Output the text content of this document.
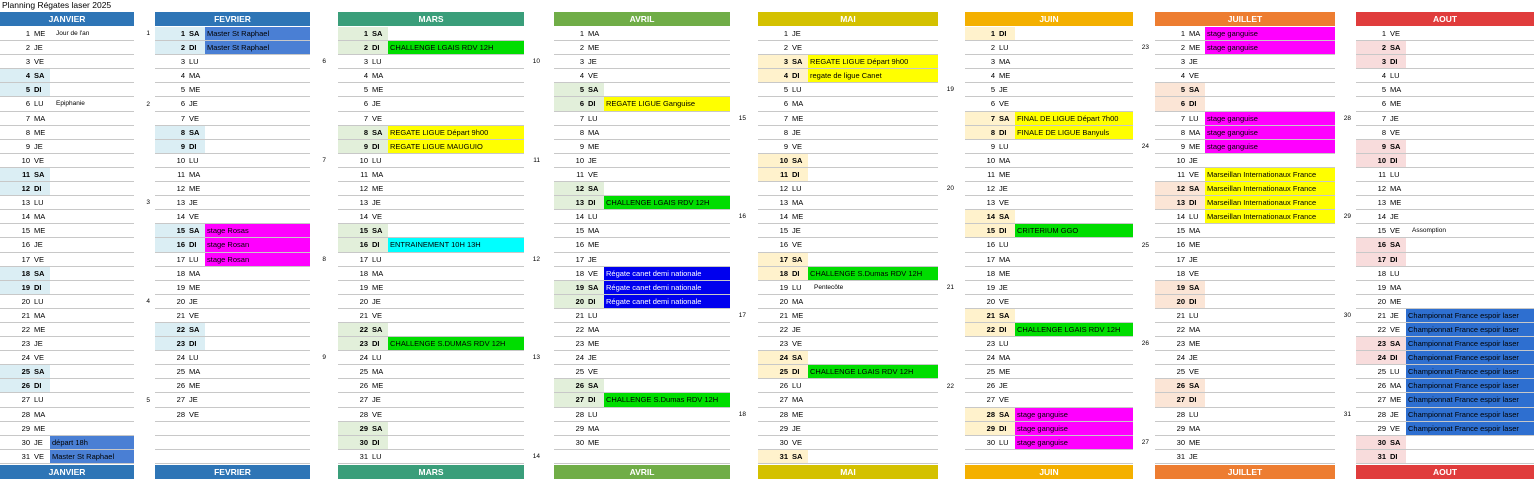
Planning Régates laser 2025
JANVIER
1 ME Jour de l'an
2 JE
3 VE
4 SA
5 DI
6 LU Epiphanie
7 MA
8 ME
9 JE
10 VE
11 SA
12 DI
13 LU
14 MA
15 ME
16 JE
17 VE
18 SA
19 DI
20 LU
21 MA
22 ME
23 JE
24 VE
25 SA
26 DI
27 LU
28 MA
29 ME
30 JE départ 18h
31 VE Master St Raphael
JANVIER
FEVRIER
1 SA Master St Raphael
2 DI Master St Raphael
3 LU
4 MA
5 ME
6 JE
7 VE
8 SA
9 DI
10 LU
11 MA
12 ME
13 JE
14 VE
15 SA stage Rosas
16 DI stage Rosan
17 LU stage Rosan
18 MA
19 ME
20 JE
21 VE
22 SA
23 DI
24 LU
25 MA
26 ME
27 JE
28 VE
FEVRIER
MARS
1 SA
2 DI CHALLENGE LGAIS RDV 12H
3 LU
4 MA
5 ME
6 JE
7 VE
8 SA REGATE LIGUE Départ 9h00
9 DI REGATE LIGUE MAUGUIO
10 LU
11 MA
12 ME
13 JE
14 VE
15 SA
16 DI ENTRAINEMENT 10H 13H
17 LU
18 MA
19 ME
20 JE
21 VE
22 SA
23 DI CHALLENGE S.DUMAS RDV 12H
24 LU
25 MA
26 ME
27 JE
28 VE
29 SA
30 DI
31 LU
MARS
AVRIL
1 MA
2 ME
3 JE
4 VE
5 SA
6 DI REGATE LIGUE Ganguise
7 LU
8 MA
9 ME
10 JE
11 VE
12 SA
13 DI CHALLENGE LGAIS RDV 12H
14 LU
15 MA
16 ME
17 JE
18 VE Régate canet demi nationale
19 SA Régate canet demi nationale
20 DI Régate canet demi nationale
21 LU
22 MA
23 ME
24 JE
25 VE
26 SA
27 DI CHALLENGE S.Dumas RDV 12H
28 LU
29 MA
30 ME
AVRIL
MAI
1 JE
2 VE
3 SA REGATE LIGUE Départ 9h00
4 DI regate de ligue Canet
5 LU
6 MA
7 ME
8 JE
9 VE
10 SA
11 DI
12 LU
13 MA
14 ME
15 JE
16 VE
17 SA
18 DI CHALLENGE S.Dumas RDV 12H
19 LU Pentecôte
20 MA
21 ME
22 JE
23 VE
24 SA
25 DI CHALLENGE LGAIS RDV 12H
26 LU
27 MA
28 ME
29 JE
30 VE
31 SA
MAI
JUIN
1 DI
2 LU
3 MA
4 ME
5 JE
6 VE
7 SA FINAL DE LIGUE Départ 7h00
8 DI FINALE DE LIGUE Banyuls
9 LU
10 MA
11 ME
12 JE
13 VE
14 SA
15 DI CRITERIUM GGO
16 LU
17 MA
18 ME
19 JE
20 VE
21 SA
22 DI CHALLENGE LGAIS RDV 12H
23 LU
24 MA
25 ME
26 JE
27 VE
28 SA stage ganguise
29 DI stage ganguise
30 LU stage ganguise
JUIN
JUILLET
1 MA stage ganguise
2 ME stage ganguise
3 JE
4 VE
5 SA
6 DI
7 LU stage ganguise
8 MA stage ganguise
9 ME stage ganguise
10 JE
11 VE Marseillan Internationaux France
12 SA Marseillan Internationaux France
13 DI Marseillan Internationaux France
14 LU Marseillan Internationaux France
15 MA
16 ME
17 JE
18 VE
19 SA
20 DI
21 LU
22 MA
23 ME
24 JE
25 VE
26 SA
27 DI
28 LU
29 MA
30 ME
31 JE
JUILLET
AOUT
1 VE
2 SA
3 DI
4 LU
5 MA
6 ME
7 JE
8 VE
9 SA
10 DI
11 LU
12 MA
13 ME
14 JE
15 VE Assomption
16 SA
17 DI
18 LU
19 MA
20 ME
21 JE Championnat France espoir laser
22 VE Championnat France espoir laser
23 SA Championnat France espoir laser
24 DI Championnat France espoir laser
25 LU Championnat France espoir laser
26 MA Championnat France espoir laser
27 ME Championnat France espoir laser
28 JE Championnat France espoir laser
29 VE Championnat France espoir laser
30 SA
31 DI
AOUT
1
2
3
4
5
6
7
8
9
10
11
12
13
14
15
16
17
18
19
20
21
22
23
24
25
26
27
28
29
30
31
